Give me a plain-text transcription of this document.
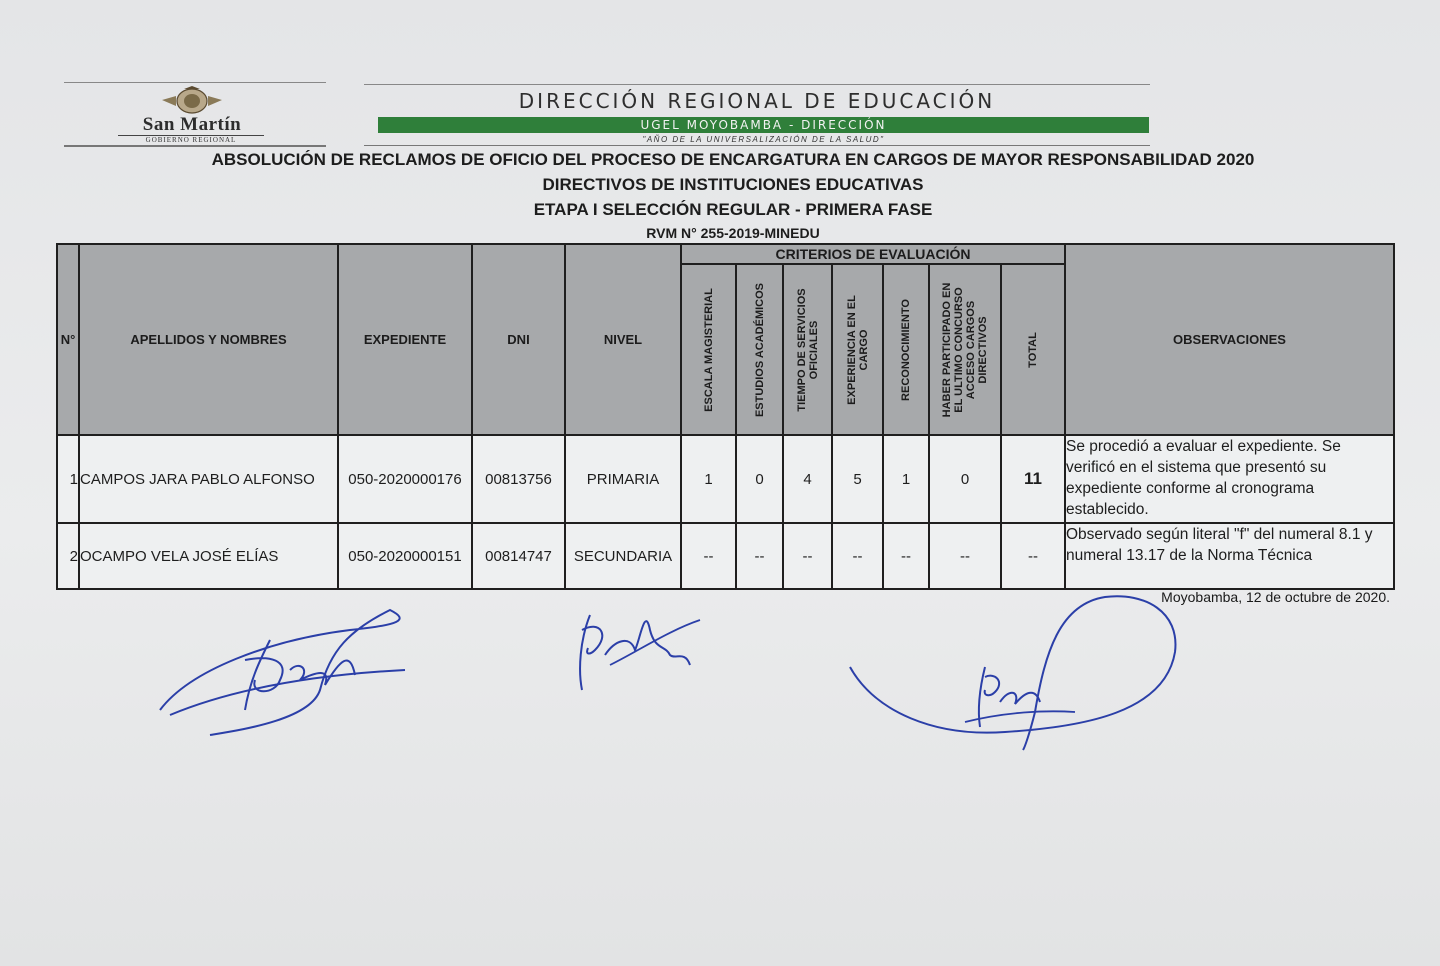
San Martín
GOBIERNO REGIONAL
DIRECCIÓN REGIONAL DE EDUCACIÓN
UGEL MOYOBAMBA - DIRECCIÓN
"AÑO DE LA UNIVERSALIZACIÓN DE LA SALUD"
ABSOLUCIÓN DE RECLAMOS DE OFICIO DEL PROCESO DE ENCARGATURA EN CARGOS DE MAYOR RESPONSABILIDAD 2020
DIRECTIVOS DE INSTITUCIONES EDUCATIVAS
ETAPA I SELECCIÓN REGULAR - PRIMERA FASE
RVM N° 255-2019-MINEDU
N°	APELLIDOS Y NOMBRES	EXPEDIENTE	DNI	NIVEL	CRITERIOS DE EVALUACIÓN							OBSERVACIONES

					ESCALA MAGISTERIAL	ESTUDIOS ACADÉMICOS	TIEMPO DE SERVICIOS OFICIALES	EXPERIENCIA EN EL CARGO	RECONOCIMIENTO	HABER PARTICIPADO EN EL ULTIMO CONCURSO ACCESO CARGOS DIRECTIVOS	TOTAL	

1	CAMPOS JARA PABLO ALFONSO	050-2020000176	00813756	PRIMARIA	1	0	4	5	1	0	11	Se procedió a evaluar el expediente. Se verificó en el sistema que presentó su expediente conforme al cronograma establecido.
2	OCAMPO VELA JOSÉ ELÍAS	050-2020000151	00814747	SECUNDARIA	--	--	--	--	--	--	--	Observado según literal "f" del numeral 8.1 y numeral 13.17 de la Norma Técnica
Moyobamba, 12 de octubre de 2020.
